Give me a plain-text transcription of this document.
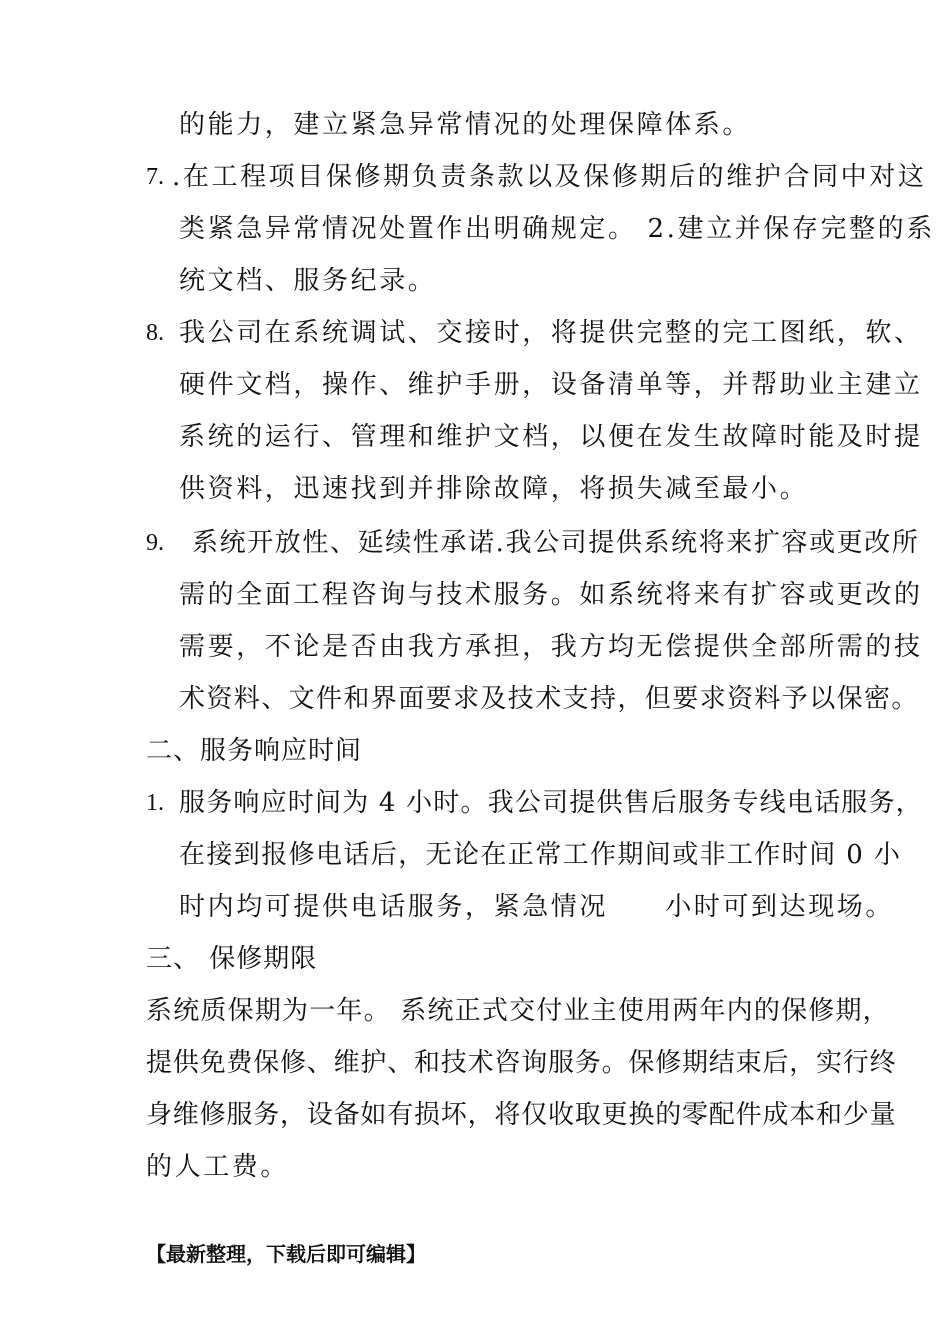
的能力，建立紧急异常情况的处理保障体系。
7. .在工程项目保修期负责条款以及保修期后的维护合同中对这
类紧急异常情况处置作出明确规定。 2.建立并保存完整的系
统文档、服务纪录。
8. 我公司在系统调试、交接时，将提供完整的完工图纸，软、
硬件文档，操作、维护手册，设备清单等，并帮助业主建立
系统的运行、管理和维护文档，以便在发生故障时能及时提
供资料，迅速找到并排除故障，将损失减至最小。
9. 系统开放性、延续性承诺.我公司提供系统将来扩容或更改所
需的全面工程咨询与技术服务。如系统将来有扩容或更改的
需要，不论是否由我方承担，我方均无偿提供全部所需的技
术资料、文件和界面要求及技术支持，但要求资料予以保密。
二、服务响应时间
1. 服务响应时间为 4 小时。我公司提供售后服务专线电话服务，
在接到报修电话后，无论在正常工作期间或非工作时间 0 小
时内均可提供电话服务，紧急情况　　小时可到达现场。
三、 保修期限
系统质保期为一年。 系统正式交付业主使用两年内的保修期，
提供免费保修、维护、和技术咨询服务。保修期结束后，实行终
身维修服务，设备如有损坏，将仅收取更换的零配件成本和少量
的人工费。
【最新整理，下载后即可编辑】
